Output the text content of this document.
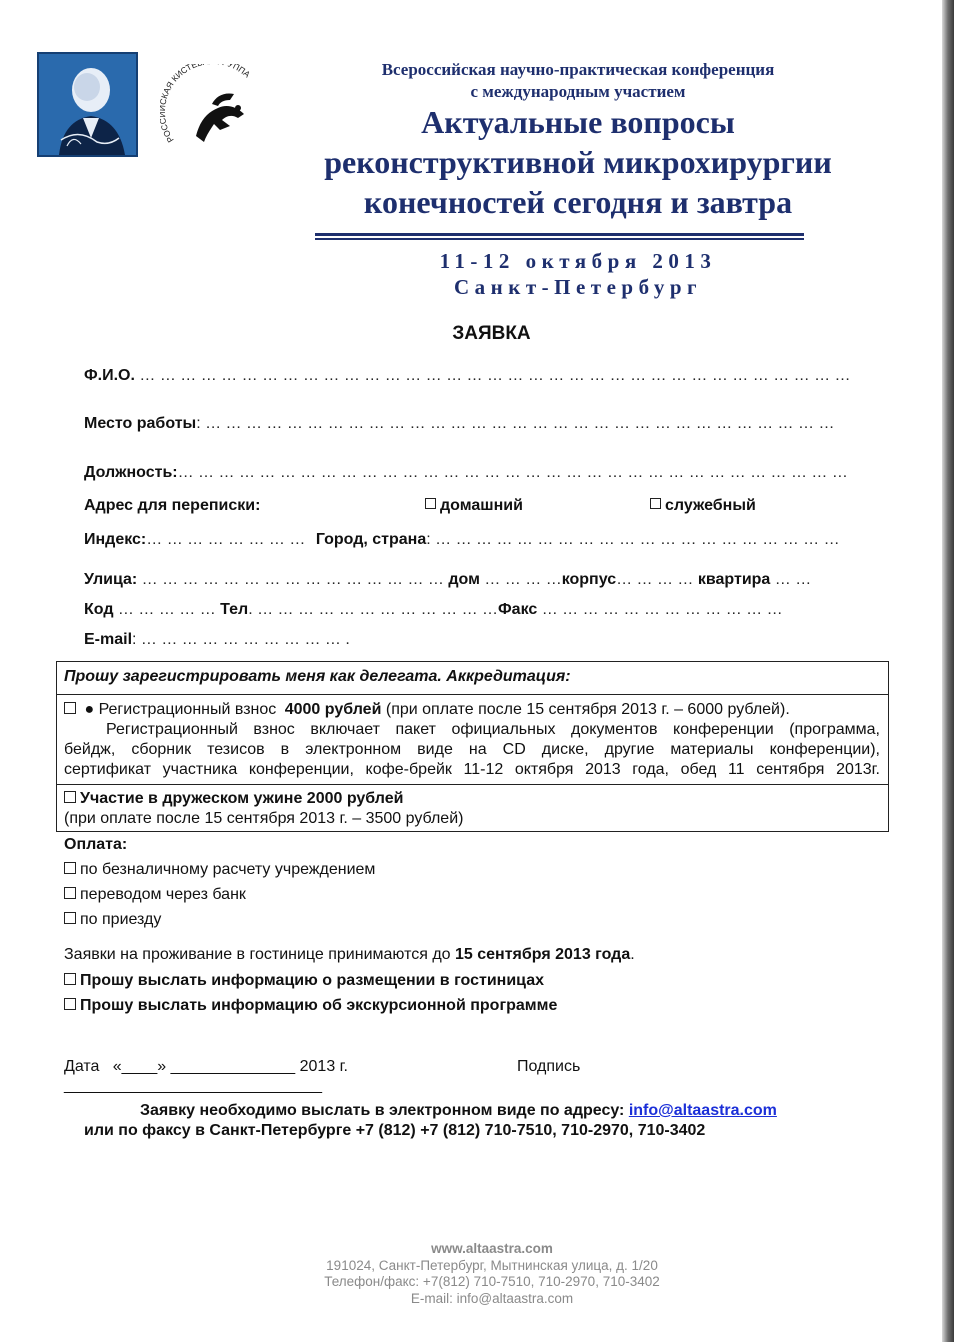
РО КАЯ КИСТЕ УППА	Всероссийская научно-практическая конференция
с международным участием
Актуальные вопросы
реконструктивной микрохирургии
конечностей сегодня и завтра
11-12 октября 2013
Санкт-Петербург
ЗАЯВКА
Ф.И.О. … … … … … … … … … … … … … … … … … … … … … … … … … … … … … … … … … … …
Место работы: … … … … … … … … … … … … … … … … … … … … … … … … … … … … … … …
Должность:… … … … … … … … … … … … … … … … … … … … … … … … … … … … … … … … …
Адрес для переписки:	домашний	служебный
Индекс:… … … … … … … … Город, страна: … … … … … … … … … … … … … … … … … … … …
Улица: … … … … … … … … … … … … … … … дом … … … …корпус… … … … квартира … …
Код … … … … … Тел. … … … … … … … … … … … …Факс … … … … … … … … … … … …
E-mail: … … … … … … … … … … .
Прошу зарегистрировать меня как делегата. Аккредитация:
● Регистрационный взнос 4000 рублей (при оплате после 15 сентября 2013 г. – 6000 рублей).
Регистрационный взнос включает пакет официальных документов конференции (программа,
бейдж, сборник тезисов в электронном виде на CD диске, другие материалы конференции),
сертификат участника конференции, кофе-брейк 11-12 октября 2013 года, обед 11 сентября 2013г.
Участие в дружеском ужине 2000 рублей
(при оплате после 15 сентября 2013 г. – 3500 рублей)
Оплата:
по безналичному расчету учреждением
переводом через банк
по приезду
Заявки на проживание в гостинице принимаются до 15 сентября 2013 года.
Прошу выслать информацию о размещении в гостиницах
Прошу выслать информацию об экскурсионной программе
Дата   «____» ______________ 2013 г.	Подпись
_____________________________
Заявку необходимо выслать в электронном виде по адресу: info@altaastra.com
или по факсу в Санкт-Петербурге +7 (812) +7 (812) 710-7510, 710-2970, 710-3402
www.altaastra.com
191024, Санкт-Петербург, Мытнинская улица, д. 1/20
Телефон/факс: +7(812) 710-7510, 710-2970, 710-3402
E-mail: info@altaastra.com
